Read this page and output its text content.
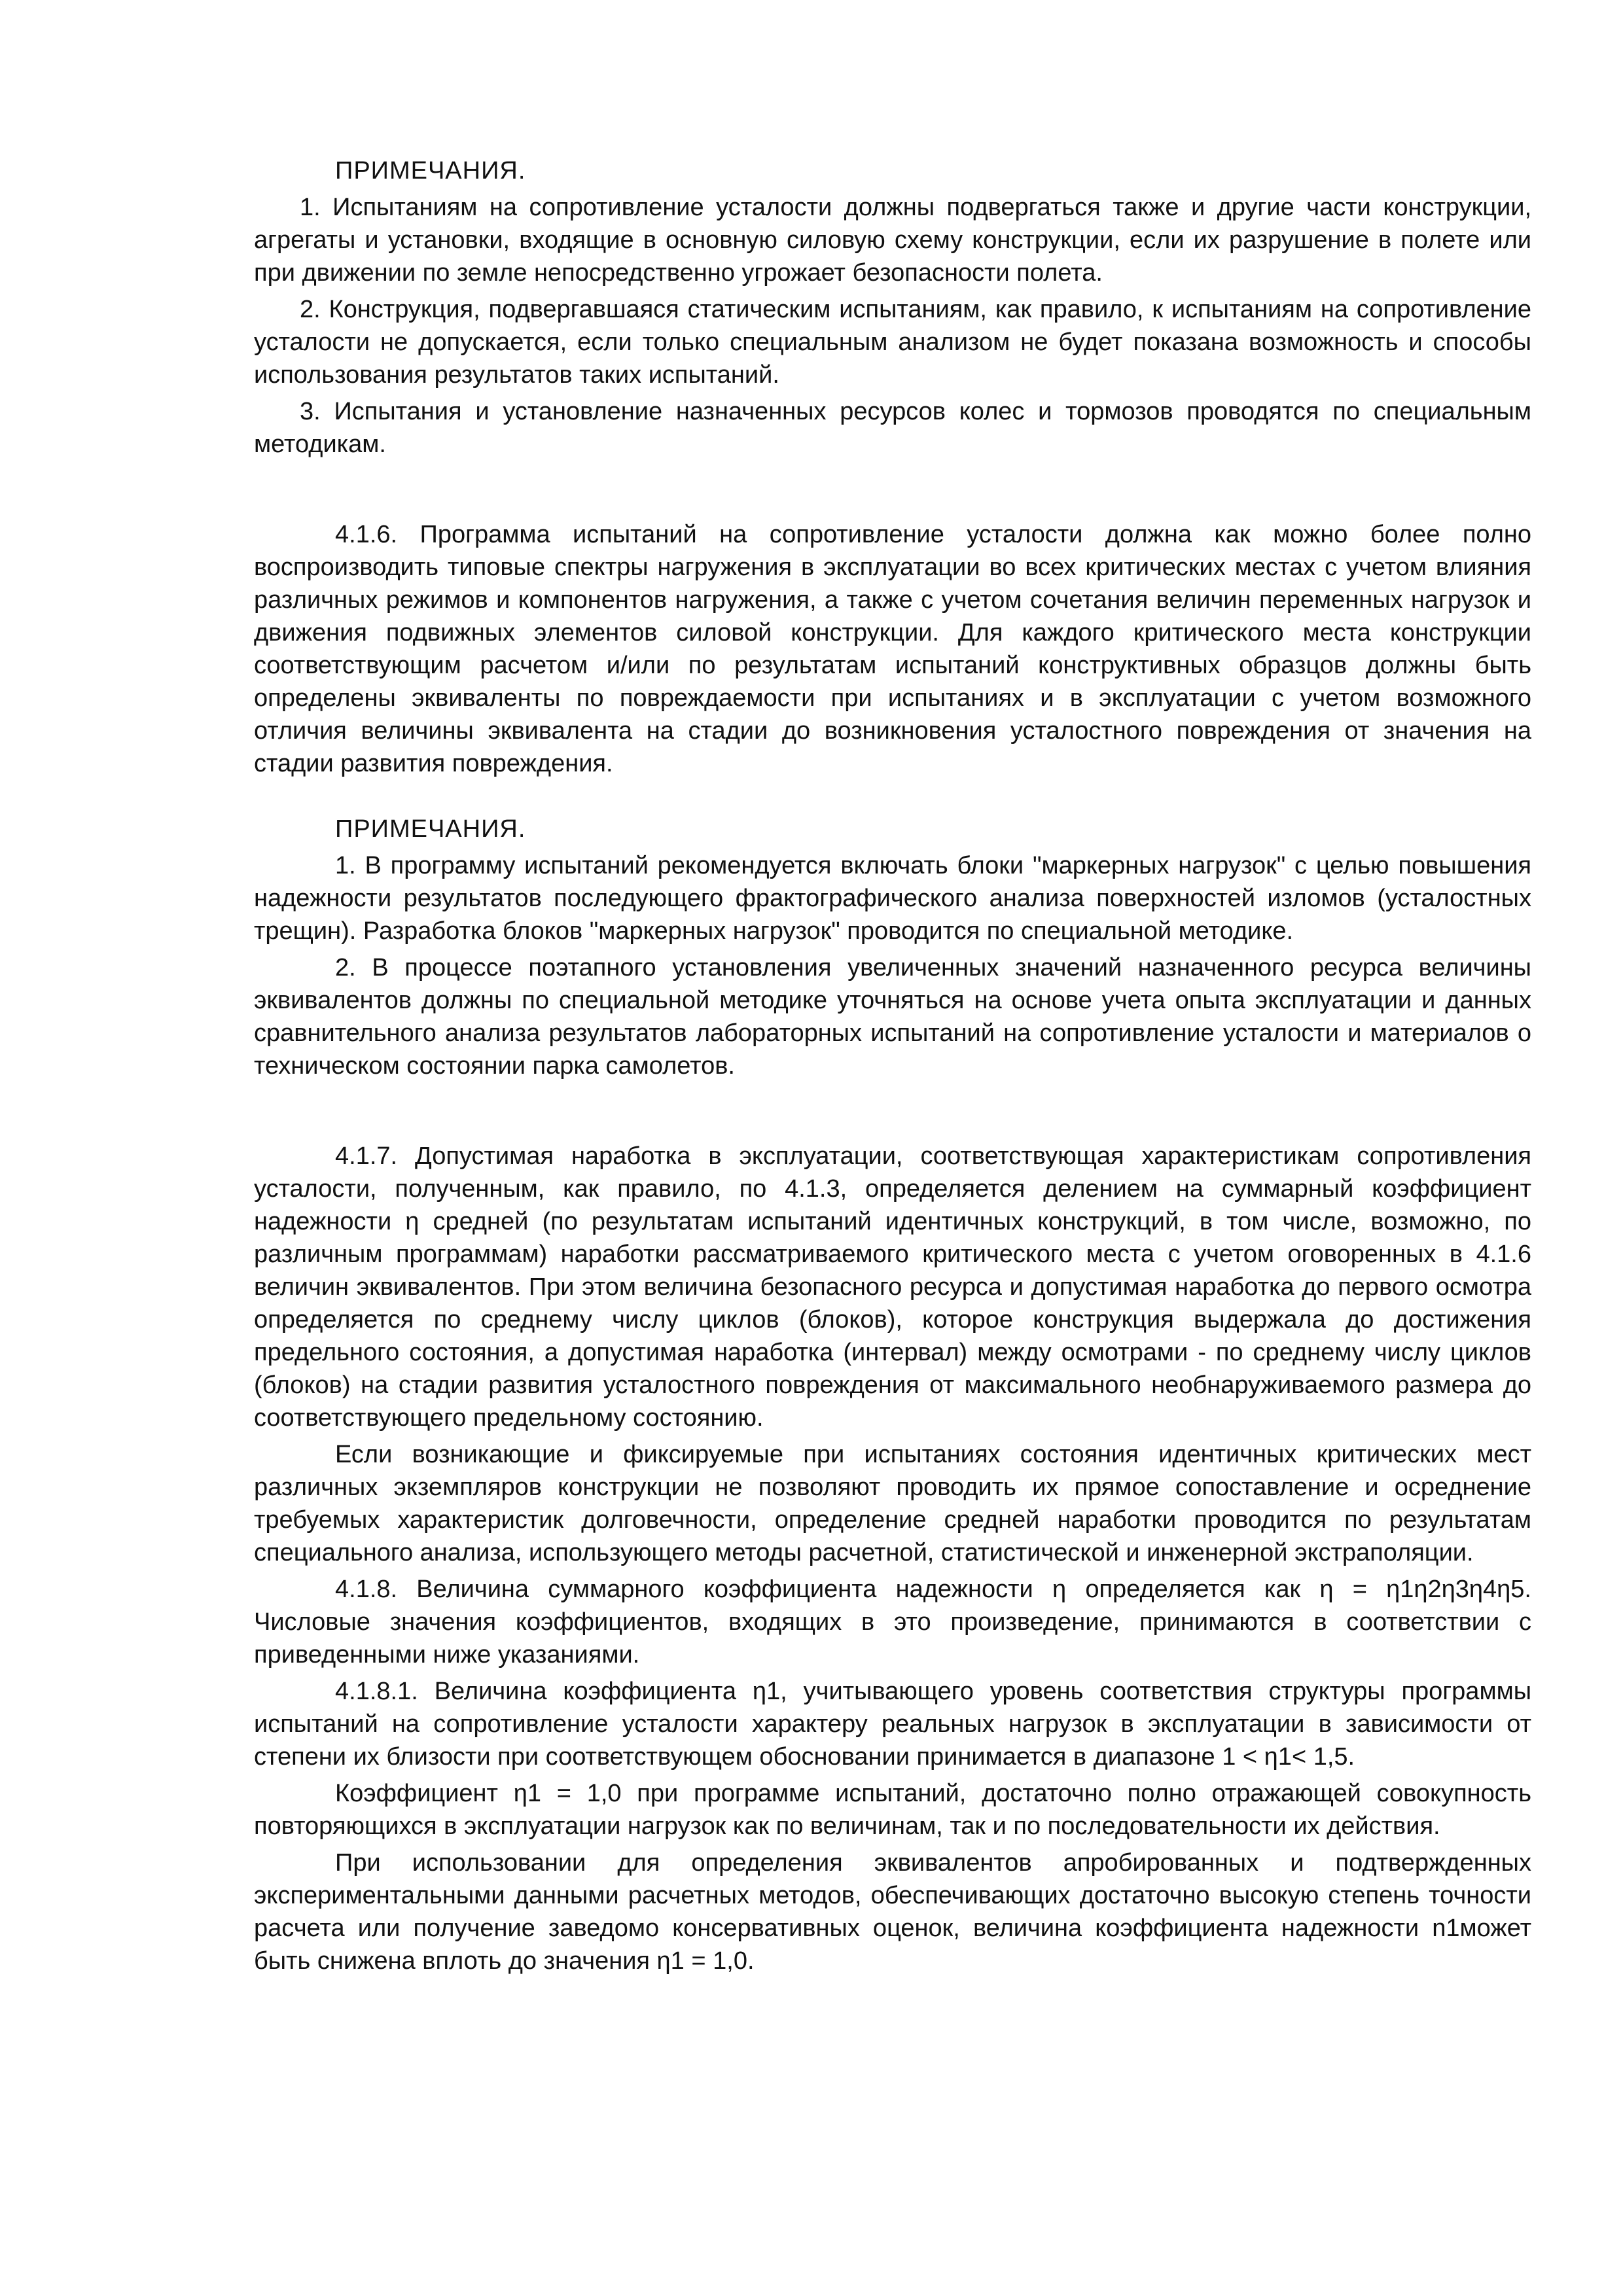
ПРИМЕЧАНИЯ.

1. Испытаниям на сопротивление усталости должны подвергаться также и другие части конструкции, агрегаты и установки, входящие в основную силовую схему конструкции, если их разрушение в полете или при движении по земле непосредственно угрожает безопасности полета.

2. Конструкция, подвергавшаяся статическим испытаниям, как правило, к испытаниям на сопротивление усталости не допускается, если только специальным анализом не будет показана возможность и способы использования результатов таких испытаний.

3. Испытания и установление назначенных ресурсов колес и тормозов проводятся по специальным методикам.

4.1.6. Программа испытаний на сопротивление усталости должна как можно более полно воспроизводить типовые спектры нагружения в эксплуатации во всех критических местах с учетом влияния различных режимов и компонентов нагружения, а также с учетом сочетания величин переменных нагрузок и движения подвижных элементов силовой конструкции. Для каждого критического места конструкции соответствующим расчетом и/или по результатам испытаний конструктивных образцов должны быть определены эквиваленты по повреждаемости при испытаниях и в эксплуатации с учетом возможного отличия величины эквивалента на стадии до возникновения усталостного повреждения от значения на стадии развития повреждения.

ПРИМЕЧАНИЯ.

1. В программу испытаний рекомендуется включать блоки "маркерных нагрузок" с целью повышения надежности результатов последующего фрактографического анализа поверхностей изломов (усталостных трещин). Разработка блоков "маркерных нагрузок" проводится по специальной методике.

2. В процессе поэтапного установления увеличенных значений назначенного ресурса величины эквивалентов должны по специальной методике уточняться на основе учета опыта эксплуатации и данных сравнительного анализа результатов лабораторных испытаний на сопротивление усталости и материалов о техническом состоянии парка самолетов.

4.1.7. Допустимая наработка в эксплуатации, соответствующая характеристикам сопротивления усталости, полученным, как правило, по 4.1.3, определяется делением на суммарный коэффициент надежности η средней (по результатам испытаний идентичных конструкций, в том числе, возможно, по различным программам) наработки рассматриваемого критического места с учетом оговоренных в 4.1.6 величин эквивалентов. При этом величина безопасного ресурса и допустимая наработка до первого осмотра определяется по среднему числу циклов (блоков), которое конструкция выдержала до достижения предельного состояния, а допустимая наработка (интервал) между осмотрами - по среднему числу циклов (блоков) на стадии развития усталостного повреждения от максимального необнаруживаемого размера до соответствующего предельному состоянию.

Если возникающие и фиксируемые при испытаниях состояния идентичных критических мест различных экземпляров конструкции не позволяют проводить их прямое сопоставление и осреднение требуемых характеристик долговечности, определение средней наработки проводится по результатам специального анализа, использующего методы расчетной, статистической и инженерной экстраполяции.

4.1.8. Величина суммарного коэффициента надежности η определяется как η = η1η2η3η4η5. Числовые значения коэффициентов, входящих в это произведение, принимаются в соответствии с приведенными ниже указаниями.

4.1.8.1. Величина коэффициента η1, учитывающего уровень соответствия структуры программы испытаний на сопротивление усталости характеру реальных нагрузок в эксплуатации в зависимости от степени их близости при соответствующем обосновании принимается в диапазоне 1 < η1< 1,5.

Коэффициент η1 = 1,0 при программе испытаний, достаточно полно отражающей совокупность повторяющихся в эксплуатации нагрузок как по величинам, так и по последовательности их действия.

При использовании для определения эквивалентов апробированных и подтвержденных экспериментальными данными расчетных методов, обеспечивающих достаточно высокую степень точности расчета или получение заведомо консервативных оценок, величина коэффициента надежности n1может быть снижена вплоть до значения η1 = 1,0.
